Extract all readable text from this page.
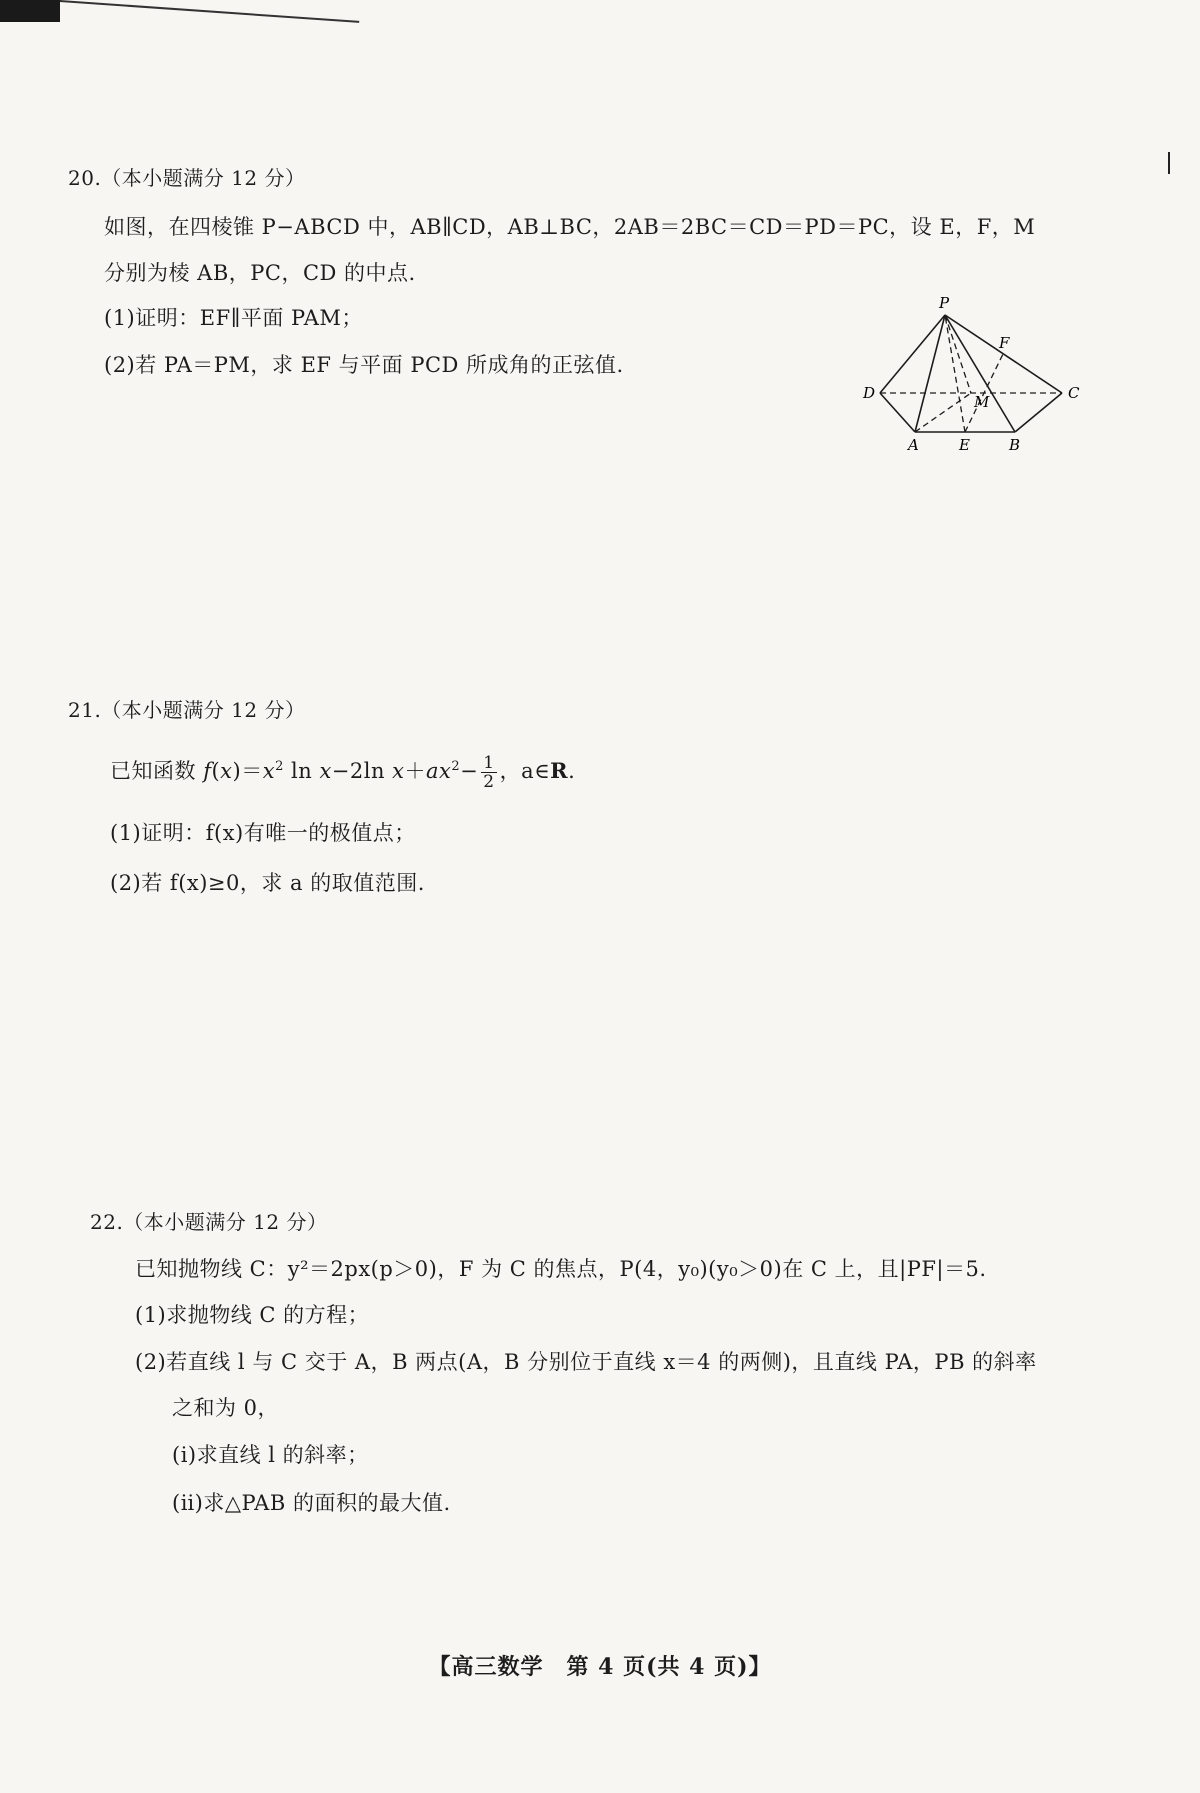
20.（本小题满分 12 分）
如图，在四棱锥 P−ABCD 中，AB∥CD，AB⊥BC，2AB＝2BC＝CD＝PD＝PC，设 E，F，M
分别为棱 AB，PC，CD 的中点.
(1)证明：EF∥平面 PAM；
(2)若 PA＝PM，求 EF 与平面 PCD 所成角的正弦值.
P
F
D	C
M
A	E	B
21.（本小题满分 12 分）
已知函数 $f(x)=x^2$ ln x−2ln $x+ax^2- \frac{1}{2}$ ，a∈R.
(1)证明：f(x)有唯一的极值点；
(2)若 f(x)≥0，求 a 的取值范围.
22.（本小题满分 12 分）
已知抛物线 C：y²＝2px(p＞0)，F 为 C 的焦点，P(4，y₀)(y₀＞0)在 C 上，且|PF|＝5.
(1)求抛物线 C 的方程；
(2)若直线 l 与 C 交于 A，B 两点(A，B 分别位于直线 x＝4 的两侧)，且直线 PA，PB 的斜率
之和为 0，
(ⅰ)求直线 l 的斜率；
(ⅱ)求△PAB 的面积的最大值.
【高三数学　第 4 页(共 4 页)】
